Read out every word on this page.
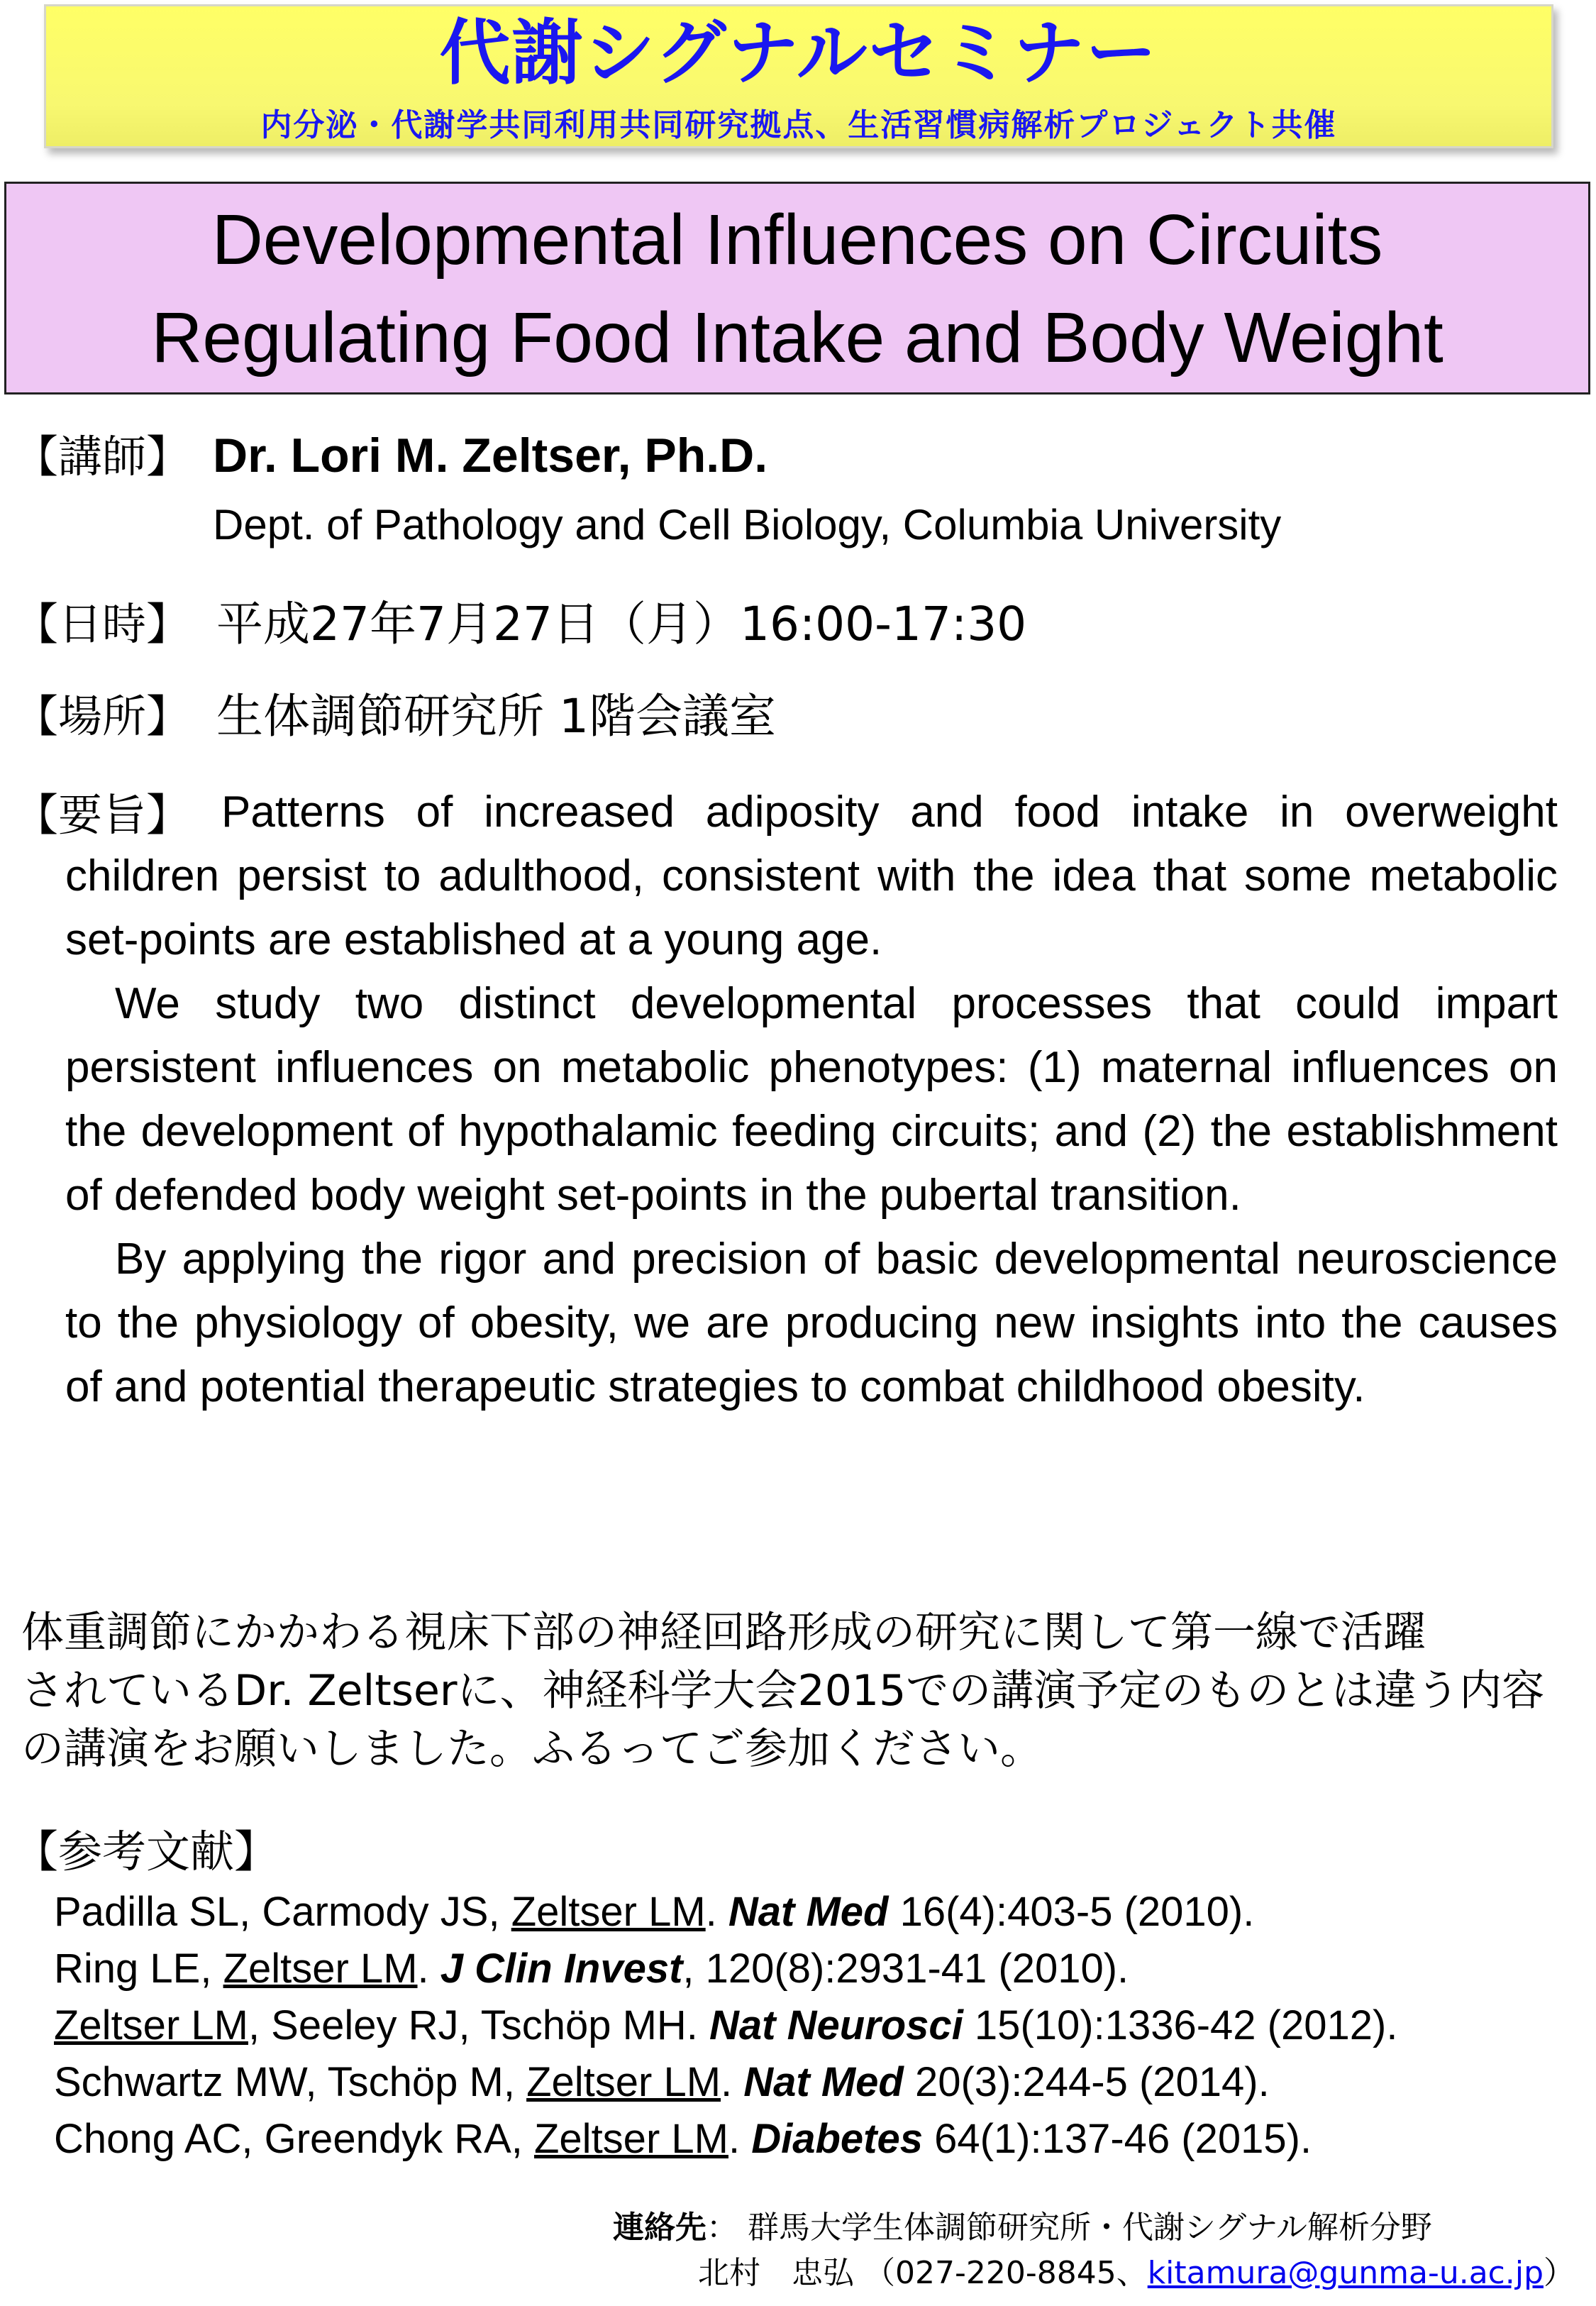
代謝シグナルセミナー
内分泌・代謝学共同利用共同研究拠点、生活習慣病解析プロジェクト共催
Developmental Influences on Circuits
Regulating Food Intake and Body Weight
【講師】 Dr. Lori M. Zeltser, Ph.D.
Dept. of Pathology and Cell Biology, Columbia University
【日時】 平成27年7月27日（月）16:00-17:30
【場所】 生体調節研究所 1階会議室
【要旨】 Patterns of increased adiposity and food intake in overweight children persist to adulthood, consistent with the idea that some metabolic set-points are established at a young age.

We study two distinct developmental processes that could impart persistent influences on metabolic phenotypes: (1) maternal influences on the development of hypothalamic feeding circuits; and (2) the establishment of defended body weight set-points in the pubertal transition.

By applying the rigor and precision of basic developmental neuroscience to the physiology of obesity, we are producing new insights into the causes of and potential therapeutic strategies to combat childhood obesity.

体重調節にかかわる視床下部の神経回路形成の研究に関して第一線で活躍
されているDr. Zeltserに、神経科学大会2015での講演予定のものとは違う内容
の講演をお願いしました。ふるってご参加ください。
【参考文献】
Padilla SL, Carmody JS, Zeltser LM. Nat Med 16(4):403-5 (2010).
Ring LE, Zeltser LM. J Clin Invest, 120(8):2931-41 (2010).
Zeltser LM, Seeley RJ, Tschöp MH. Nat Neurosci 15(10):1336-42 (2012).
Schwartz MW, Tschöp M, Zeltser LM. Nat Med 20(3):244-5 (2014).
Chong AC, Greendyk RA, Zeltser LM. Diabetes 64(1):137-46 (2015).
連絡先： 群馬大学生体調節研究所・代謝シグナル解析分野
北村　忠弘 （027-220-8845、kitamura@gunma-u.ac.jp）
